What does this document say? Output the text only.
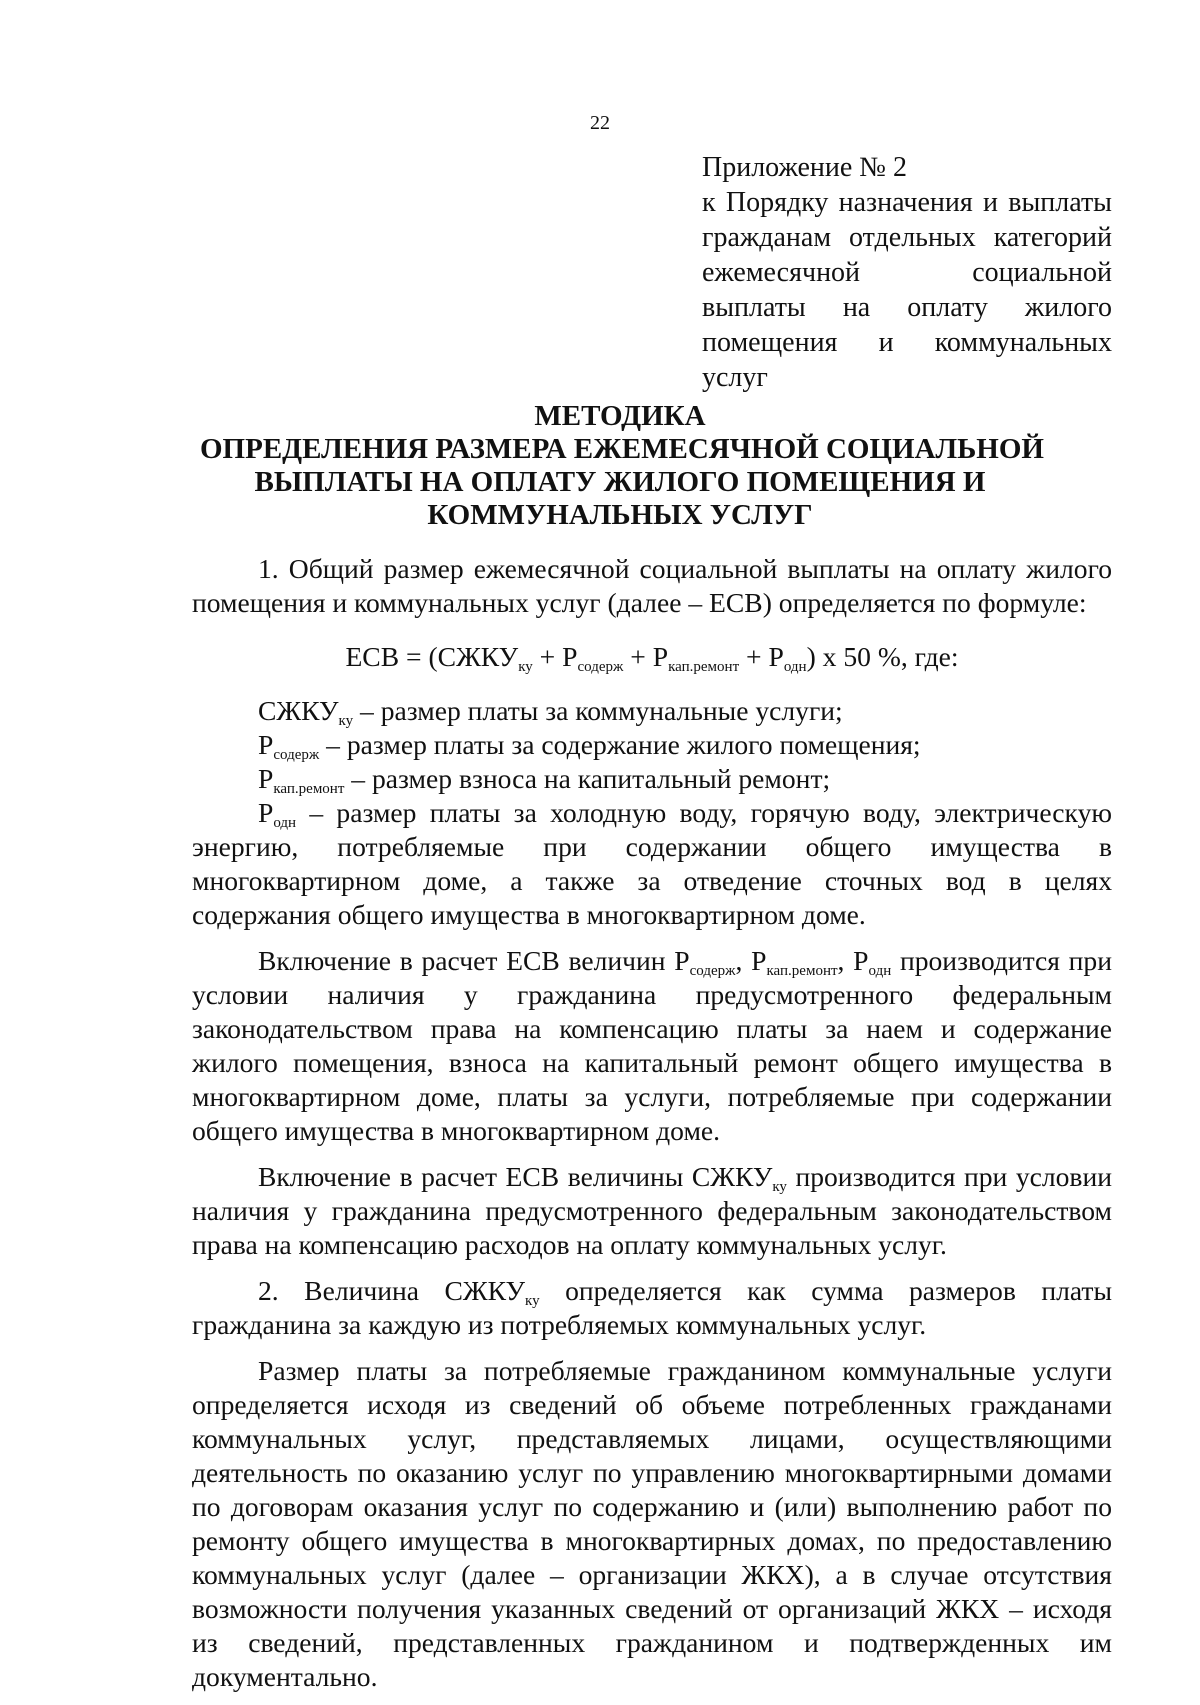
22
Приложение № 2
к Порядку назначения и выплаты гражданам отдельных категорий ежемесячной социальной выплаты на оплату жилого помещения и коммунальных услуг
МЕТОДИКА
ОПРЕДЕЛЕНИЯ РАЗМЕРА ЕЖЕМЕСЯЧНОЙ СОЦИАЛЬНОЙ
ВЫПЛАТЫ НА ОПЛАТУ ЖИЛОГО ПОМЕЩЕНИЯ И
КОММУНАЛЬНЫХ УСЛУГ

1. Общий размер ежемесячной социальной выплаты на оплату жилого помещения и коммунальных услуг (далее – ЕСВ) определяется по формуле:

ЕСВ = $(СЖКУ_{ку} + Р_{содерж} + Р_{кап.ремонт} + Р_{одн})$ х 50 %, где:

$СЖКУ_{ку}$ – размер платы за коммунальные услуги;

$Р_{содерж}$ – размер платы за содержание жилого помещения;

$Р_{кап.ремонт}$ – размер взноса на капитальный ремонт;

$Р_{одн}$ – размер платы за холодную воду, горячую воду, электрическую энергию, потребляемые при содержании общего имущества в многоквартирном доме, а также за отведение сточных вод в целях содержания общего имущества в многоквартирном доме.

Включение в расчет ЕСВ величин $Р_{содерж}$, $Р_{кап.ремонт}$, $Р_{одн}$ производится при условии наличия у гражданина предусмотренного федеральным законодательством права на компенсацию платы за наем и содержание жилого помещения, взноса на капитальный ремонт общего имущества в многоквартирном доме, платы за услуги, потребляемые при содержании общего имущества в многоквартирном доме.

Включение в расчет ЕСВ величины $СЖКУ_{ку}$ производится при условии наличия у гражданина предусмотренного федеральным законодательством права на компенсацию расходов на оплату коммунальных услуг.

2. Величина $СЖКУ_{ку}$ определяется как сумма размеров платы гражданина за каждую из потребляемых коммунальных услуг.

Размер платы за потребляемые гражданином коммунальные услуги определяется исходя из сведений об объеме потребленных гражданами коммунальных услуг, представляемых лицами, осуществляющими деятельность по оказанию услуг по управлению многоквартирными домами по договорам оказания услуг по содержанию и (или) выполнению работ по ремонту общего имущества в многоквартирных домах, по предоставлению коммунальных услуг (далее – организации ЖКХ), а в случае отсутствия возможности получения указанных сведений от организаций ЖКХ – исходя из сведений, представленных гражданином и подтвержденных им документально.
